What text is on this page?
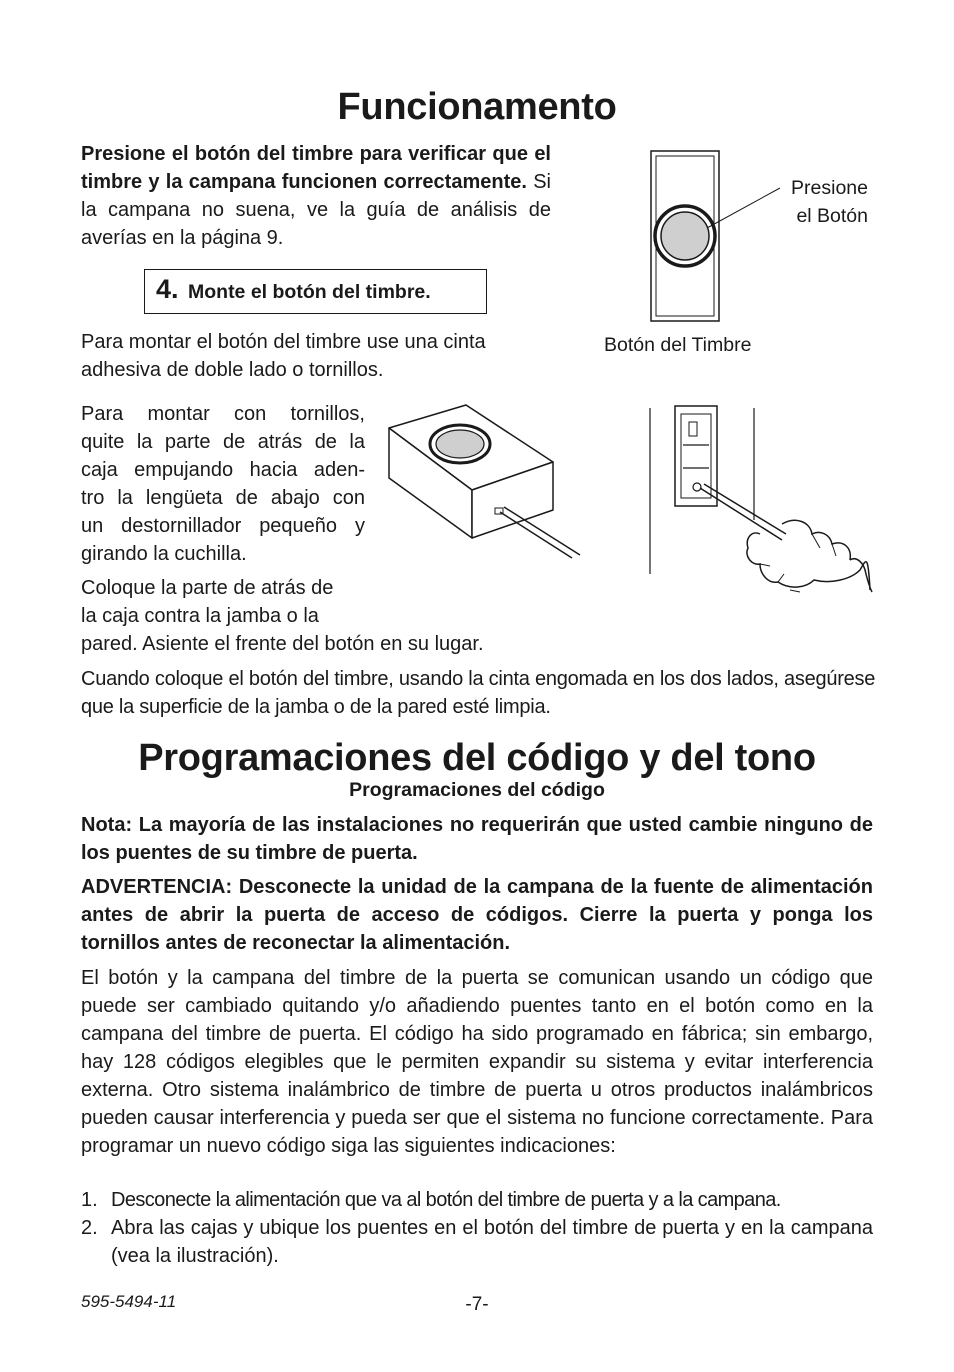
Funcionamento
Presione el botón del timbre para verificar que el timbre y la campana funcionen correctamente. Si la campana no suena, ve la guía de análisis de averías en la página 9.
Presione
el Botón
Botón del Timbre
4. Monte el botón del timbre.
Para montar el botón del timbre use una cinta adhesiva de doble lado o tornillos.
Para montar con tornillos,
quite la parte de atrás de la
caja empujando hacia aden-
tro la lengüeta de abajo con
un destornillador pequeño y
girando la cuchilla.
Coloque la parte de atrás de
la caja contra la jamba o la
pared. Asiente el frente del botón en su lugar.
Cuando coloque el botón del timbre, usando la cinta engomada en los dos lados, asegúrese que la superficie de la jamba o de la pared esté limpia.
Programaciones del código y del tono
Programaciones del código
Nota: La mayoría de las instalaciones no requerirán que usted cambie ninguno de los puentes de su timbre de puerta.
ADVERTENCIA: Desconecte la unidad de la campana de la fuente de alimentación antes de abrir la puerta de acceso de códigos. Cierre la puerta y ponga los tornillos antes de reconectar la alimentación.
El botón y la campana del timbre de la puerta se comunican usando un código que puede ser cambiado quitando y/o añadiendo puentes tanto en el botón como en la campana del timbre de puerta. El código ha sido programado en fábrica; sin embargo, hay 128 códigos elegibles que le permiten expandir su sistema y evitar interferencia externa. Otro sistema inalámbrico de timbre de puerta u otros productos inalámbricos pueden causar interferencia y pueda ser que el sistema no funcione correctamente. Para programar un nuevo código siga las siguientes indicaciones:
1. Desconecte la alimentación que va al botón del timbre de puerta y a la campana.
2. Abra las cajas y ubique los puentes en el botón del timbre de puerta y en la campana (vea la ilustración).
595-5494-11	-7-
